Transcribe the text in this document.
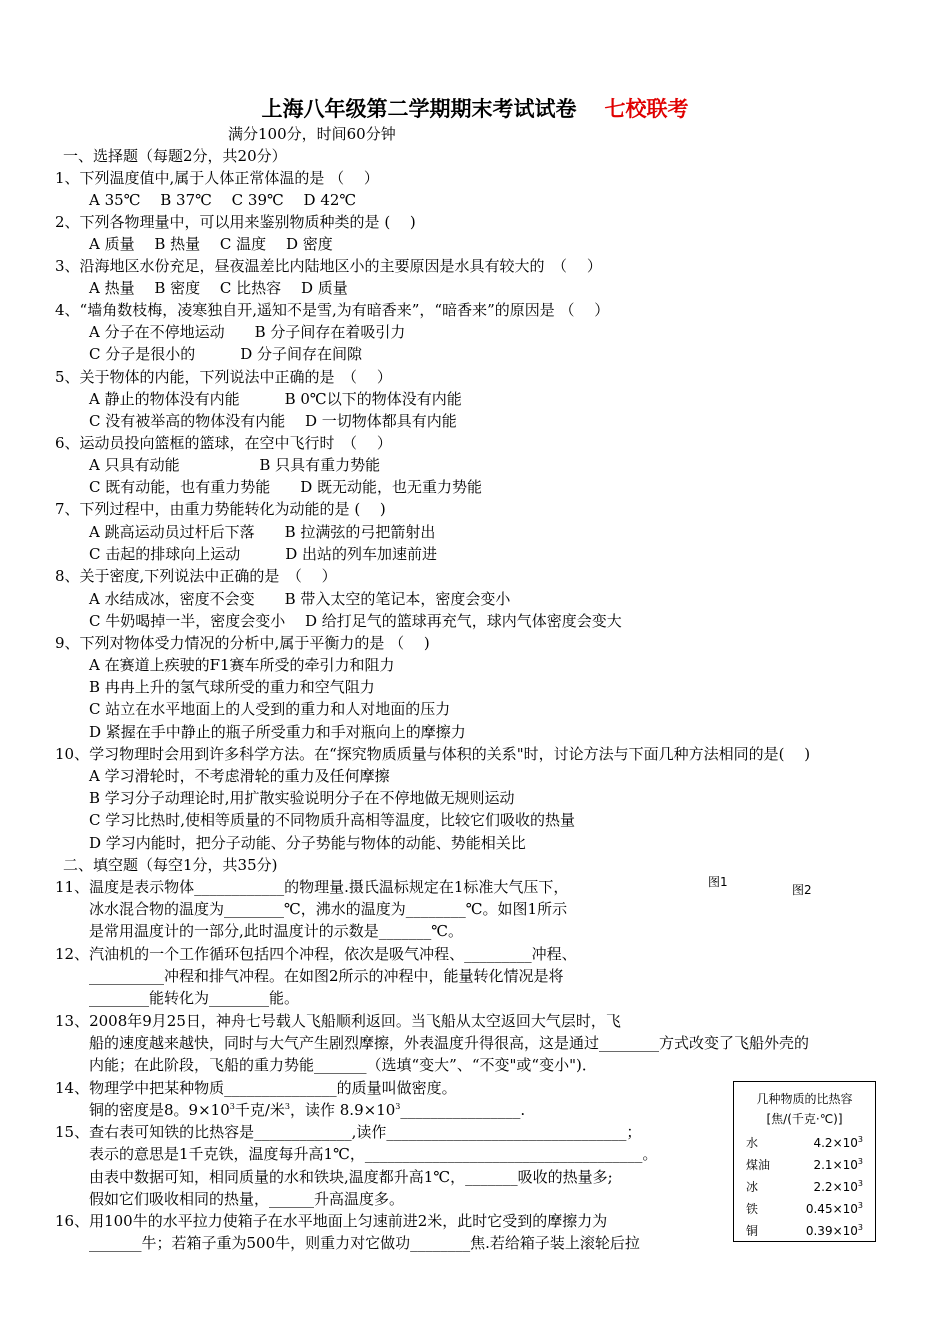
上海八年级第二学期期末考试试卷 七校联考
满分100分，时间60分钟
一、选择题（每题2分，共20分）
1、下列温度值中,属于人体正常体温的是 （　 ）
A 35℃　 B 37℃ 　C 39℃ 　D 42℃
2、下列各物理量中，可以用来鉴别物质种类的是 (　 )
A 质量　 B 热量　 C 温度　 D 密度
3、沿海地区水份充足，昼夜温差比内陆地区小的主要原因是水具有较大的　（　 ）
A 热量 　B 密度　 C 比热容　 D 质量
4、“墙角数枝梅，凌寒独自开,遥知不是雪,为有暗香来”，“暗香来”的原因是 （　 ）
A 分子在不停地运动　　B 分子间存在着吸引力
C 分子是很小的　　　D 分子间存在间隙
5、关于物体的内能，下列说法中正确的是　（　 ）
A 静止的物体没有内能　　　B 0℃以下的物体没有内能
C 没有被举高的物体没有内能　 D 一切物体都具有内能
6、运动员投向篮框的篮球，在空中飞行时　（　 ）
A 只具有动能　　　　　 B 只具有重力势能
C 既有动能，也有重力势能　　D 既无动能，也无重力势能
7、下列过程中，由重力势能转化为动能的是 (　 )
A 跳高运动员过杆后下落　　B 拉满弦的弓把箭射出
C 击起的排球向上运动　　　D 出站的列车加速前进
8、关于密度,下列说法中正确的是　（　 ）
A 水结成冰，密度不会变　　B 带入太空的笔记本，密度会变小
C 牛奶喝掉一半，密度会变小　 D 给打足气的篮球再充气，球内气体密度会变大
9、下列对物体受力情况的分析中,属于平衡力的是 （　 )
A 在赛道上疾驶的F1赛车所受的牵引力和阻力
B 冉冉上升的氢气球所受的重力和空气阻力
C 站立在水平地面上的人受到的重力和人对地面的压力
D 紧握在手中静止的瓶子所受重力和手对瓶向上的摩擦力
10、学习物理时会用到许多科学方法。在“探究物质质量与体积的关系"时，讨论方法与下面几种方法相同的是(　 )
A 学习滑轮时，不考虑滑轮的重力及任何摩擦
B 学习分子动理论时,用扩散实验说明分子在不停地做无规则运动
C 学习比热时,使相等质量的不同物质升高相等温度，比较它们吸收的热量
D 学习内能时，把分子动能、分子势能与物体的动能、势能相关比
二、填空题（每空1分，共35分)
11、温度是表示物体____________的物理量.摄氏温标规定在1标准大气压下，
冰水混合物的温度为________℃，沸水的温度为________℃。如图1所示
是常用温度计的一部分,此时温度计的示数是_______℃。
12、汽油机的一个工作循环包括四个冲程，依次是吸气冲程、_________冲程、
__________冲程和排气冲程。在如图2所示的冲程中，能量转化情况是将
________能转化为________能。
13、2008年9月25日，神舟七号载人飞船顺利返回。当飞船从太空返回大气层时，飞
船的速度越来越快，同时与大气产生剧烈摩擦，外表温度升得很高，这是通过________方式改变了飞船外壳的
内能；在此阶段，飞船的重力势能_______（选填“变大”、“不变"或“变小")．
14、物理学中把某种物质_______________的质量叫做密度。
铜的密度是8。$9\times 10^3$千克/米$^3$，读作 $8.9\times 10^3\_\_\_\_\_\_\_\_\_\_\_\_\_\_\_\_$.
15、查右表可知铁的比热容是_____________,读作________________________________；
表示的意思是1千克铁，温度每升高1℃，_____________________________________。
由表中数据可知，相同质量的水和铁块,温度都升高1℃，_______吸收的热量多;
假如它们吸收相同的热量，______升高温度多。
16、用100牛的水平拉力使箱子在水平地面上匀速前进2米，此时它受到的摩擦力为
_______牛；若箱子重为500牛，则重力对它做功________焦.若给箱子装上滚轮后拉
图1
图2
几种物质的比热容
[焦/(千克·℃)]
水	$4.2\times 10^3$
煤油	$2.1\times 10^3$
冰	$2.2\times 10^3$
铁	$0.45\times 10^3$
铜	$0.39\times 10^3$
